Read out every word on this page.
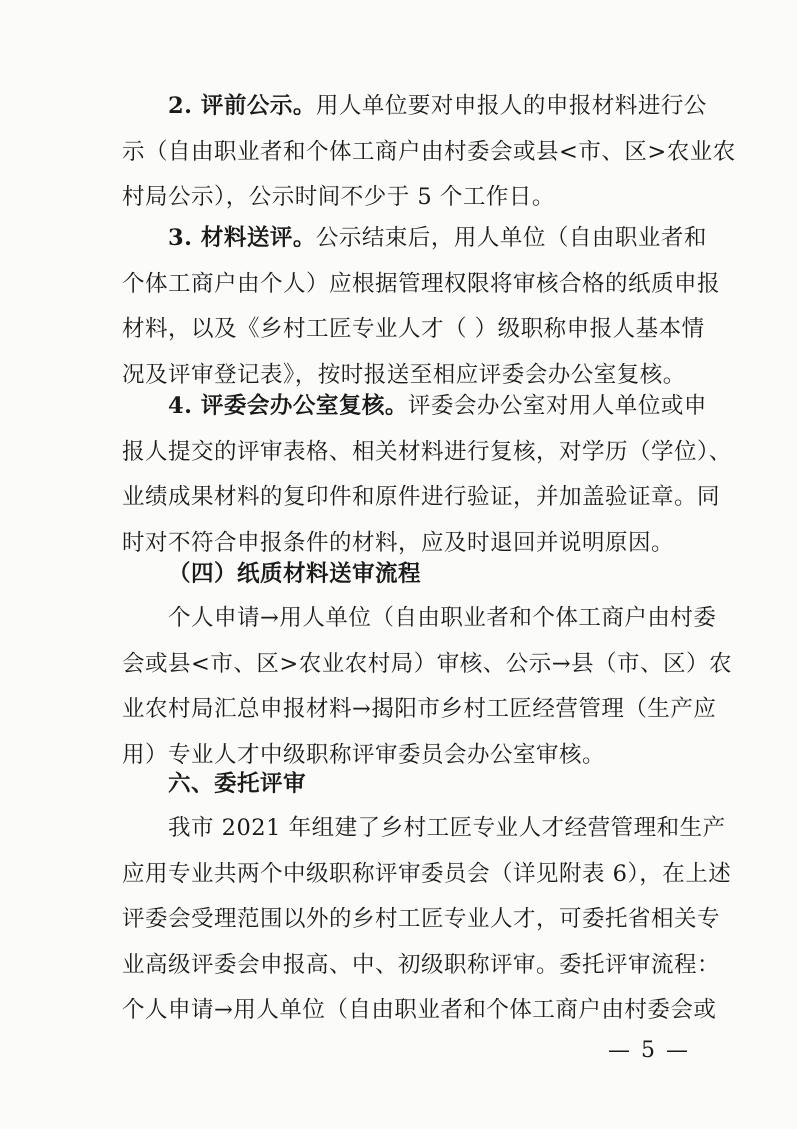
2. 评前公示。用人单位要对申报人的申报材料进行公
示（自由职业者和个体工商户由村委会或县<市、区>农业农
村局公示），公示时间不少于 5 个工作日。
3. 材料送评。公示结束后，用人单位（自由职业者和
个体工商户由个人）应根据管理权限将审核合格的纸质申报
材料，以及《乡村工匠专业人才（ ）级职称申报人基本情
况及评审登记表》，按时报送至相应评委会办公室复核。
4. 评委会办公室复核。评委会办公室对用人单位或申
报人提交的评审表格、相关材料进行复核，对学历（学位）、
业绩成果材料的复印件和原件进行验证，并加盖验证章。同
时对不符合申报条件的材料，应及时退回并说明原因。
（四）纸质材料送审流程
个人申请→用人单位（自由职业者和个体工商户由村委
会或县<市、区>农业农村局）审核、公示→县（市、区）农
业农村局汇总申报材料→揭阳市乡村工匠经营管理（生产应
用）专业人才中级职称评审委员会办公室审核。
六、委托评审
我市 2021 年组建了乡村工匠专业人才经营管理和生产
应用专业共两个中级职称评审委员会（详见附表 6），在上述
评委会受理范围以外的乡村工匠专业人才，可委托省相关专
业高级评委会申报高、中、初级职称评审。委托评审流程：
个人申请→用人单位（自由职业者和个体工商户由村委会或
— 5 —
